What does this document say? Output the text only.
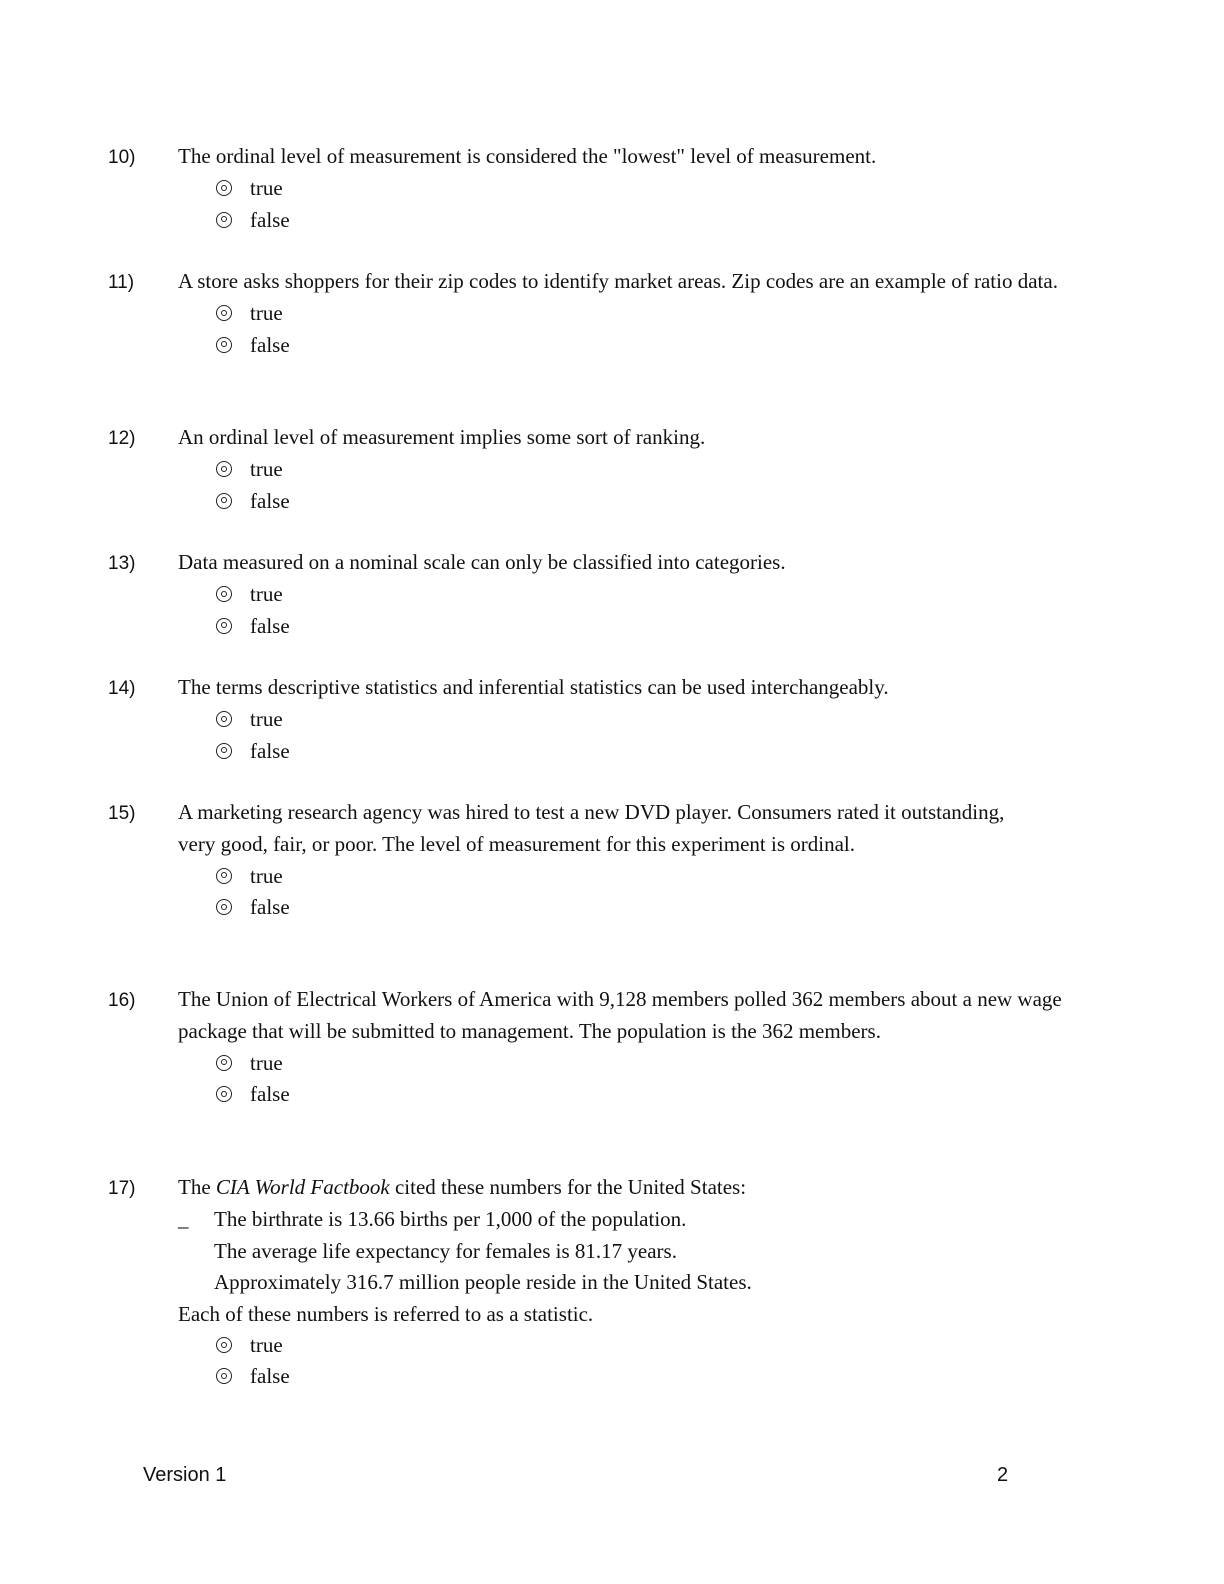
10) The ordinal level of measurement is considered the "lowest" level of measurement.
true
false
11) A store asks shoppers for their zip codes to identify market areas. Zip codes are an example of ratio data.
true
false
12) An ordinal level of measurement implies some sort of ranking.
true
false
13) Data measured on a nominal scale can only be classified into categories.
true
false
14) The terms descriptive statistics and inferential statistics can be used interchangeably.
true
false
15) A marketing research agency was hired to test a new DVD player. Consumers rated it outstanding, very good, fair, or poor. The level of measurement for this experiment is ordinal.
true
false
16) The Union of Electrical Workers of America with 9,128 members polled 362 members about a new wage package that will be submitted to management. The population is the 362 members.
true
false
17) The CIA World Factbook cited these numbers for the United States:
_ The birthrate is 13.66 births per 1,000 of the population.
The average life expectancy for females is 81.17 years.
Approximately 316.7 million people reside in the United States.
Each of these numbers is referred to as a statistic.
true
false
Version 1	2
